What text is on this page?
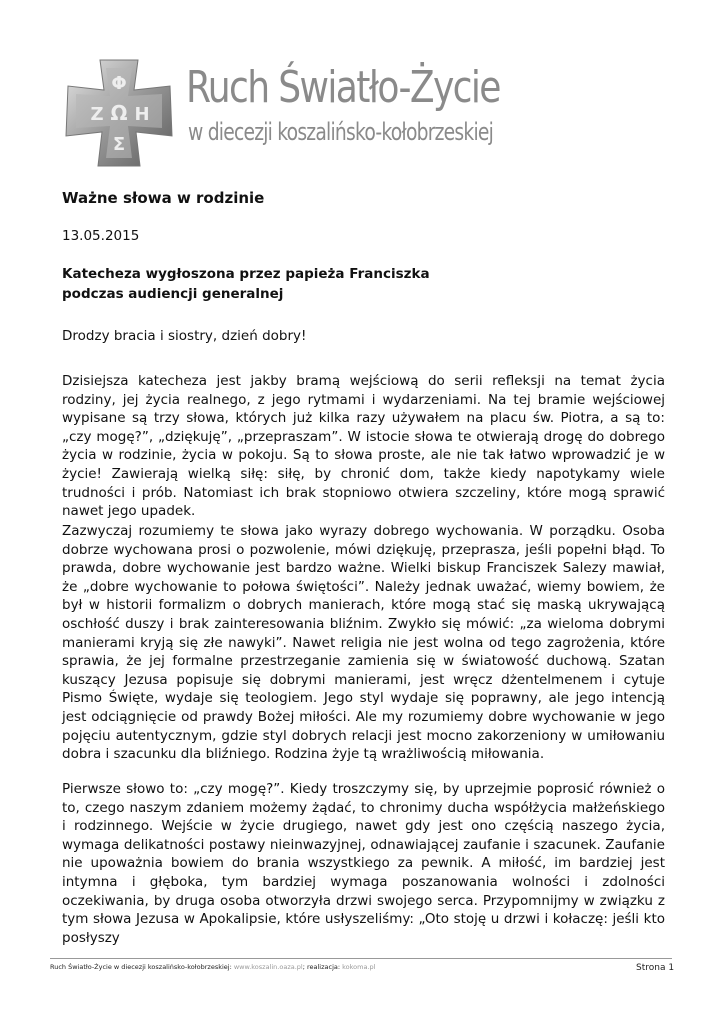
Φ
Ζ Ω Η
Σ
Ruch Światło-Życie
w diecezji koszalińsko-kołobrzeskiej
Ważne słowa w rodzinie
13.05.2015
Katecheza wygłoszona przez papieża Franciszka
podczas audiencji generalnej

Drodzy bracia i siostry, dzień dobry!

Dzisiejsza katecheza jest jakby bramą wejściową do serii refleksji na temat życia rodziny, jej życia realnego, z jego rytmami i wydarzeniami. Na tej bramie wejściowej wypisane są trzy słowa, których już kilka razy używałem na placu św. Piotra, a są to: „czy mogę?”, „dziękuję”, „przepraszam”. W istocie słowa te otwierają drogę do dobrego życia w rodzinie, życia w pokoju. Są to słowa proste, ale nie tak łatwo wprowadzić je w życie! Zawierają wielką siłę: siłę, by chronić dom, także kiedy napotykamy wiele trudności i prób. Natomiast ich brak stopniowo otwiera szczeliny, które mogą sprawić nawet jego upadek.

Zazwyczaj rozumiemy te słowa jako wyrazy dobrego wychowania. W porządku. Osoba dobrze wychowana prosi o pozwolenie, mówi dziękuję, przeprasza, jeśli popełni błąd. To prawda, dobre wychowanie jest bardzo ważne. Wielki biskup Franciszek Salezy mawiał, że „dobre wychowanie to połowa świętości”. Należy jednak uważać, wiemy bowiem, że był w historii formalizm o dobrych manierach, które mogą stać się maską ukrywającą oschłość duszy i brak zainteresowania bliźnim. Zwykło się mówić: „za wieloma dobrymi manierami kryją się złe nawyki”. Nawet religia nie jest wolna od tego zagrożenia, które sprawia, że jej formalne przestrzeganie zamienia się w światowość duchową. Szatan kuszący Jezusa popisuje się dobrymi manierami, jest wręcz dżentelmenem i cytuje Pismo Święte, wydaje się teologiem. Jego styl wydaje się poprawny, ale jego intencją jest odciągnięcie od prawdy Bożej miłości. Ale my rozumiemy dobre wychowanie w jego pojęciu autentycznym, gdzie styl dobrych relacji jest mocno zakorzeniony w umiłowaniu dobra i szacunku dla bliźniego. Rodzina żyje tą wrażliwością miłowania.

Pierwsze słowo to: „czy mogę?”. Kiedy troszczymy się, by uprzejmie poprosić również o to, czego naszym zdaniem możemy żądać, to chronimy ducha współżycia małżeńskiego i rodzinnego. Wejście w życie drugiego, nawet gdy jest ono częścią naszego życia, wymaga delikatności postawy nieinwazyjnej, odnawiającej zaufanie i szacunek. Zaufanie nie upoważnia bowiem do brania wszystkiego za pewnik. A miłość, im bardziej jest intymna i głęboka, tym bardziej wymaga poszanowania wolności i zdolności oczekiwania, by druga osoba otworzyła drzwi swojego serca. Przypomnijmy w związku z tym słowa Jezusa w Apokalipsie, które usłyszeliśmy: „Oto stoję u drzwi i kołaczę: jeśli kto posłyszy

Ruch Światło-Życie w diecezji koszalińsko-kołobrzeskiej: www.koszalin.oaza.pl; realizacja: kokoma.pl	Strona 1
